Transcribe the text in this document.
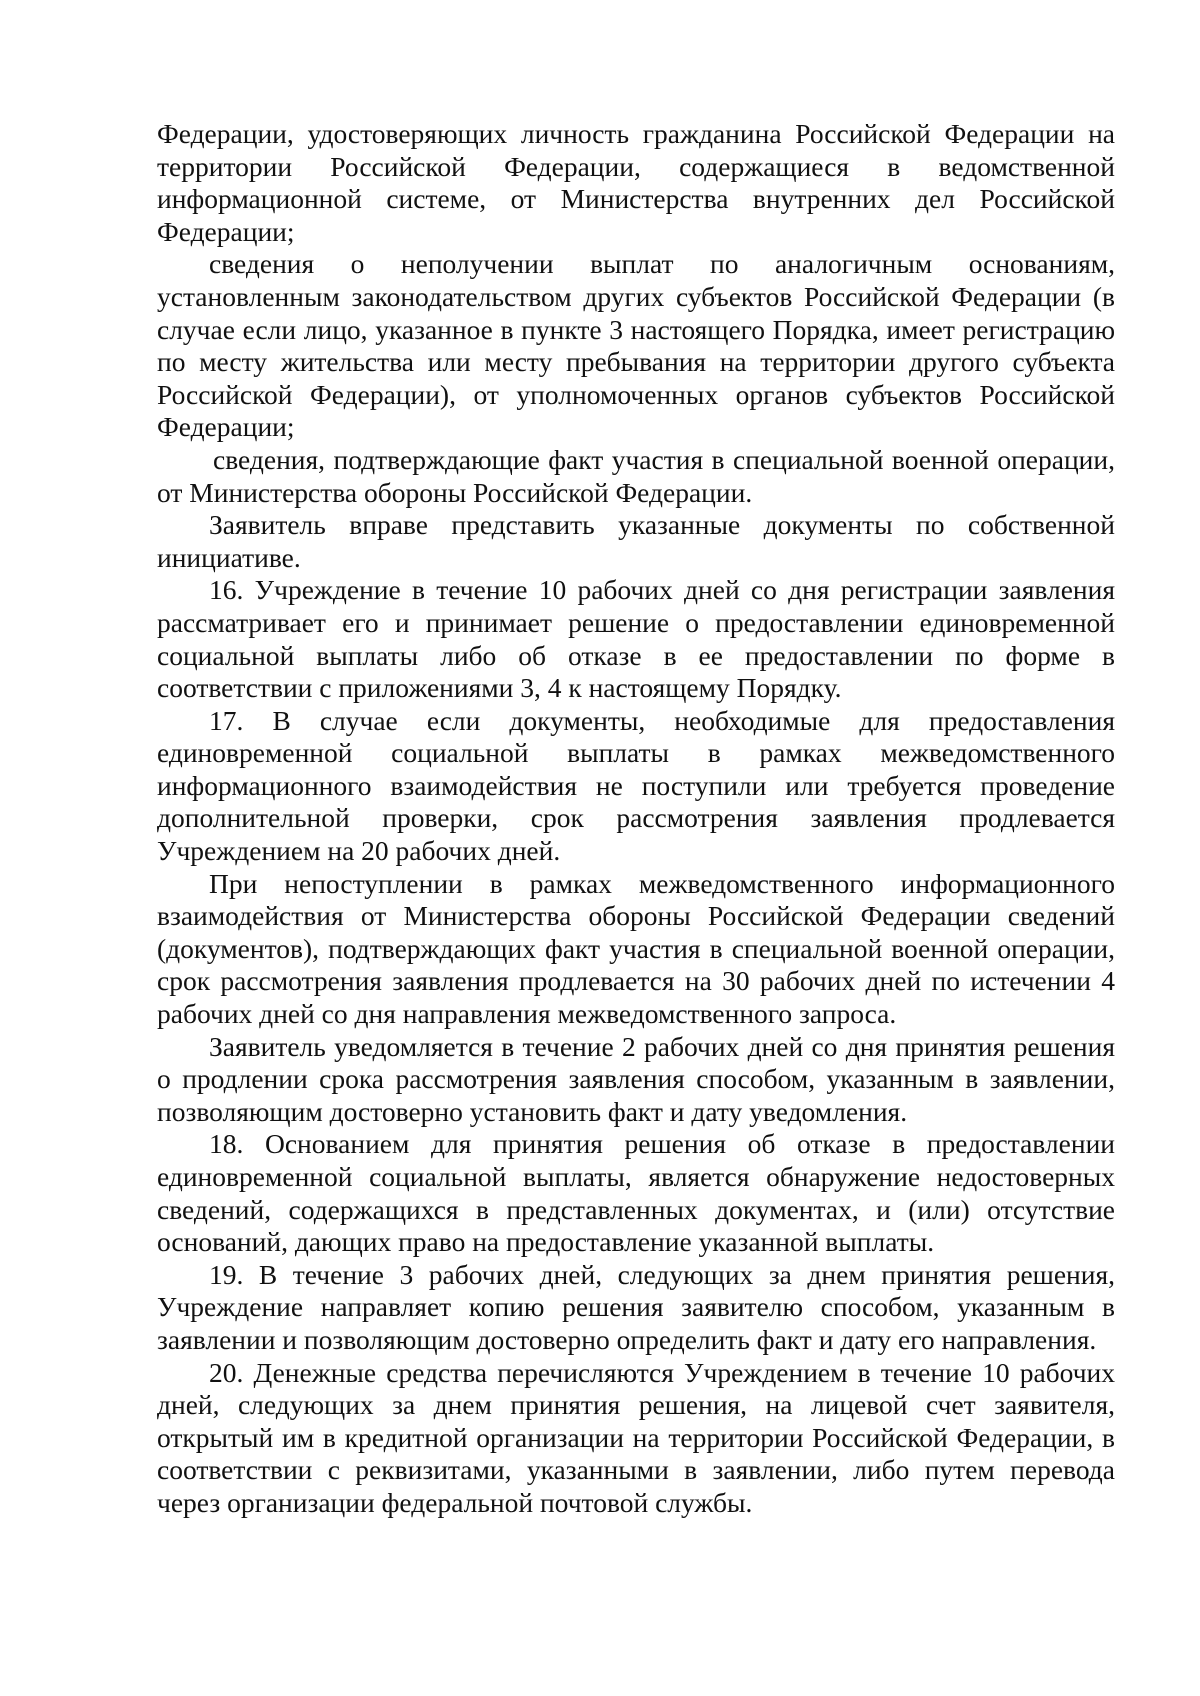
Федерации, удостоверяющих личность гражданина Российской Федерации на территории Российской Федерации, содержащиеся в ведомственной информационной системе, от Министерства внутренних дел Российской Федерации;

сведения о неполучении выплат по аналогичным основаниям, установленным законодательством других субъектов Российской Федерации (в случае если лицо, указанное в пункте 3 настоящего Порядка, имеет регистрацию по месту жительства или месту пребывания на территории другого субъекта Российской Федерации), от уполномоченных органов субъектов Российской Федерации;

сведения, подтверждающие факт участия в специальной военной операции, от Министерства обороны Российской Федерации.

Заявитель вправе представить указанные документы по собственной инициативе.

16. Учреждение в течение 10 рабочих дней со дня регистрации заявления рассматривает его и принимает решение о предоставлении единовременной социальной выплаты либо об отказе в ее предоставлении по форме в соответствии с приложениями 3, 4 к настоящему Порядку.

17. В случае если документы, необходимые для предоставления единовременной социальной выплаты в рамках межведомственного информационного взаимодействия не поступили или требуется проведение дополнительной проверки, срок рассмотрения заявления продлевается Учреждением на 20 рабочих дней.

При непоступлении в рамках межведомственного информационного взаимодействия от Министерства обороны Российской Федерации сведений (документов), подтверждающих факт участия в специальной военной операции, срок рассмотрения заявления продлевается на 30 рабочих дней по истечении 4 рабочих дней со дня направления межведомственного запроса.

Заявитель уведомляется в течение 2 рабочих дней со дня принятия решения о продлении срока рассмотрения заявления способом, указанным в заявлении, позволяющим достоверно установить факт и дату уведомления.

18. Основанием для принятия решения об отказе в предоставлении единовременной социальной выплаты, является обнаружение недостоверных сведений, содержащихся в представленных документах, и (или) отсутствие оснований, дающих право на предоставление указанной выплаты.

19. В течение 3 рабочих дней, следующих за днем принятия решения, Учреждение направляет копию решения заявителю способом, указанным в заявлении и позволяющим достоверно определить факт и дату его направления.

20. Денежные средства перечисляются Учреждением в течение 10 рабочих дней, следующих за днем принятия решения, на лицевой счет заявителя, открытый им в кредитной организации на территории Российской Федерации, в соответствии с реквизитами, указанными в заявлении, либо путем перевода через организации федеральной почтовой службы.
